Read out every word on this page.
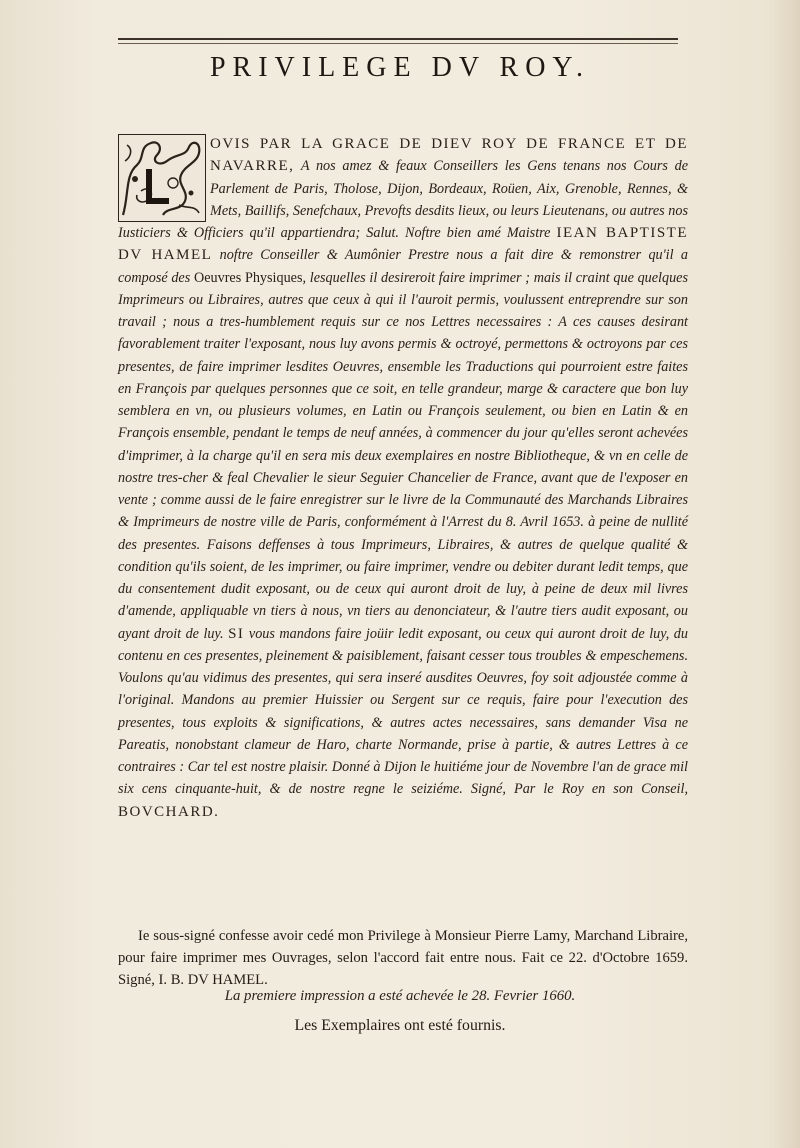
PRIVILEGE DV ROY.
OVIS PAR LA GRACE DE DIEV ROY DE FRANCE ET DE NAVARRE, A nos amez & feaux Conseillers les Gens tenans nos Cours de Parlement de Paris, Tholose, Dijon, Bordeaux, Roüen, Aix, Grenoble, Rennes, & Mets, Baillifs, Senefchaux, Prevofts desdits lieux, ou leurs Lieutenans, ou autres nos Iusticiers & Officiers qu'il appartiendra; Salut. Noftre bien amé Maistre IEAN BAPTISTE DV HAMEL noftre Conseiller & Aumônier Prestre nous a fait dire & remonstrer qu'il a composé des Oeuvres Physiques, lesquelles il desireroit faire imprimer ; mais il craint que quelques Imprimeurs ou Libraires, autres que ceux à qui il l'auroit permis, voulussent entreprendre sur son travail ; nous a tres-humblement requis sur ce nos Lettres necessaires : A ces causes desirant favorablement traiter l'exposant, nous luy avons permis & octroyé, permettons & octroyons par ces presentes, de faire imprimer lesdites Oeuvres, ensemble les Traductions qui pourroient estre faites en François par quelques personnes que ce soit, en telle grandeur, marge & caractere que bon luy semblera en vn, ou plusieurs volumes, en Latin ou François seulement, ou bien en Latin & en François ensemble, pendant le temps de neuf années, à commencer du jour qu'elles seront achevées d'imprimer, à la charge qu'il en sera mis deux exemplaires en nostre Bibliotheque, & vn en celle de nostre tres-cher & feal Chevalier le sieur Seguier Chancelier de France, avant que de l'exposer en vente ; comme aussi de le faire enregistrer sur le livre de la Communauté des Marchands Libraires & Imprimeurs de nostre ville de Paris, conformément à l'Arrest du 8. Avril 1653. à peine de nullité des presentes. Faisons deffenses à tous Imprimeurs, Libraires, & autres de quelque qualité & condition qu'ils soient, de les imprimer, ou faire imprimer, vendre ou debiter durant ledit temps, que du consentement dudit exposant, ou de ceux qui auront droit de luy, à peine de deux mil livres d'amende, appliquable vn tiers à nous, vn tiers au denonciateur, & l'autre tiers audit exposant, ou ayant droit de luy. SI vous mandons faire joüir ledit exposant, ou ceux qui auront droit de luy, du contenu en ces presentes, pleinement & paisiblement, faisant cesser tous troubles & empeschemens. Voulons qu'au vidimus des presentes, qui sera inseré ausdites Oeuvres, foy soit adjoustée comme à l'original. Mandons au premier Huissier ou Sergent sur ce requis, faire pour l'execution des presentes, tous exploits & significations, & autres actes necessaires, sans demander Visa ne Pareatis, nonobstant clameur de Haro, charte Normande, prise à partie, & autres Lettres à ce contraires : Car tel est nostre plaisir. Donné à Dijon le huitiéme jour de Novembre l'an de grace mil six cens cinquante-huit, & de nostre regne le seiziéme. Signé, Par le Roy en son Conseil, BOVCHARD.
Ie sous-signé confesse avoir cedé mon Privilege à Monsieur Pierre Lamy, Marchand Libraire, pour faire imprimer mes Ouvrages, selon l'accord fait entre nous. Fait ce 22. d'Octobre 1659. Signé, I. B. DV HAMEL.
La premiere impression a esté achevée le 28. Fevrier 1660.
Les Exemplaires ont esté fournis.
